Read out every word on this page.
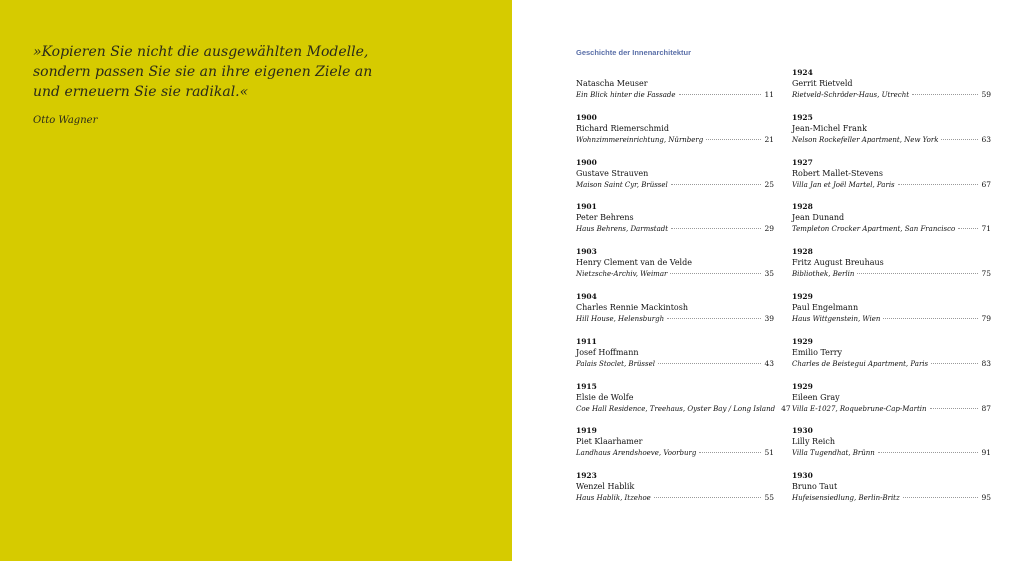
»Kopieren Sie nicht die ausgewählten Modelle,
sondern passen Sie sie an ihre eigenen Ziele an
und erneuern Sie sie radikal.«
Otto Wagner
Geschichte der Innenarchitektur
Natascha Meuser
Ein Blick hinter die Fassade	11
1900
Richard Riemerschmid
Wohnzimmereinrichtung, Nürnberg	21
1900
Gustave Strauven
Maison Saint Cyr, Brüssel	25
1901
Peter Behrens
Haus Behrens, Darmstadt	29
1903
Henry Clement van de Velde
Nietzsche-Archiv, Weimar	35
1904
Charles Rennie Mackintosh
Hill House, Helensburgh	39
1911
Josef Hoffmann
Palais Stoclet, Brüssel	43
1915
Elsie de Wolfe
Coe Hall Residence, Treehaus, Oyster Bay / Long Island 47
1919
Piet Klaarhamer
Landhaus Arendshoeve, Voorburg	51
1923
Wenzel Hablik
Haus Hablik, Itzehoe	55
1924
Gerrit Rietveld
Rietveld-Schröder-Haus, Utrecht	59
1925
Jean-Michel Frank
Nelson Rockefeller Apartment, New York	63
1927
Robert Mallet-Stevens
Villa Jan et Joël Martel, Paris	67
1928
Jean Dunand
Templeton Crocker Apartment, San Francisco	71
1928
Fritz August Breuhaus
Bibliothek, Berlin	75
1929
Paul Engelmann
Haus Wittgenstein, Wien	79
1929
Emilio Terry
Charles de Beistegui Apartment, Paris	83
1929
Eileen Gray
Villa E-1027, Roquebrune-Cap-Martin	87
1930
Lilly Reich
Villa Tugendhat, Brünn	91
1930
Bruno Taut
Hufeisensiedlung, Berlin-Britz	95
